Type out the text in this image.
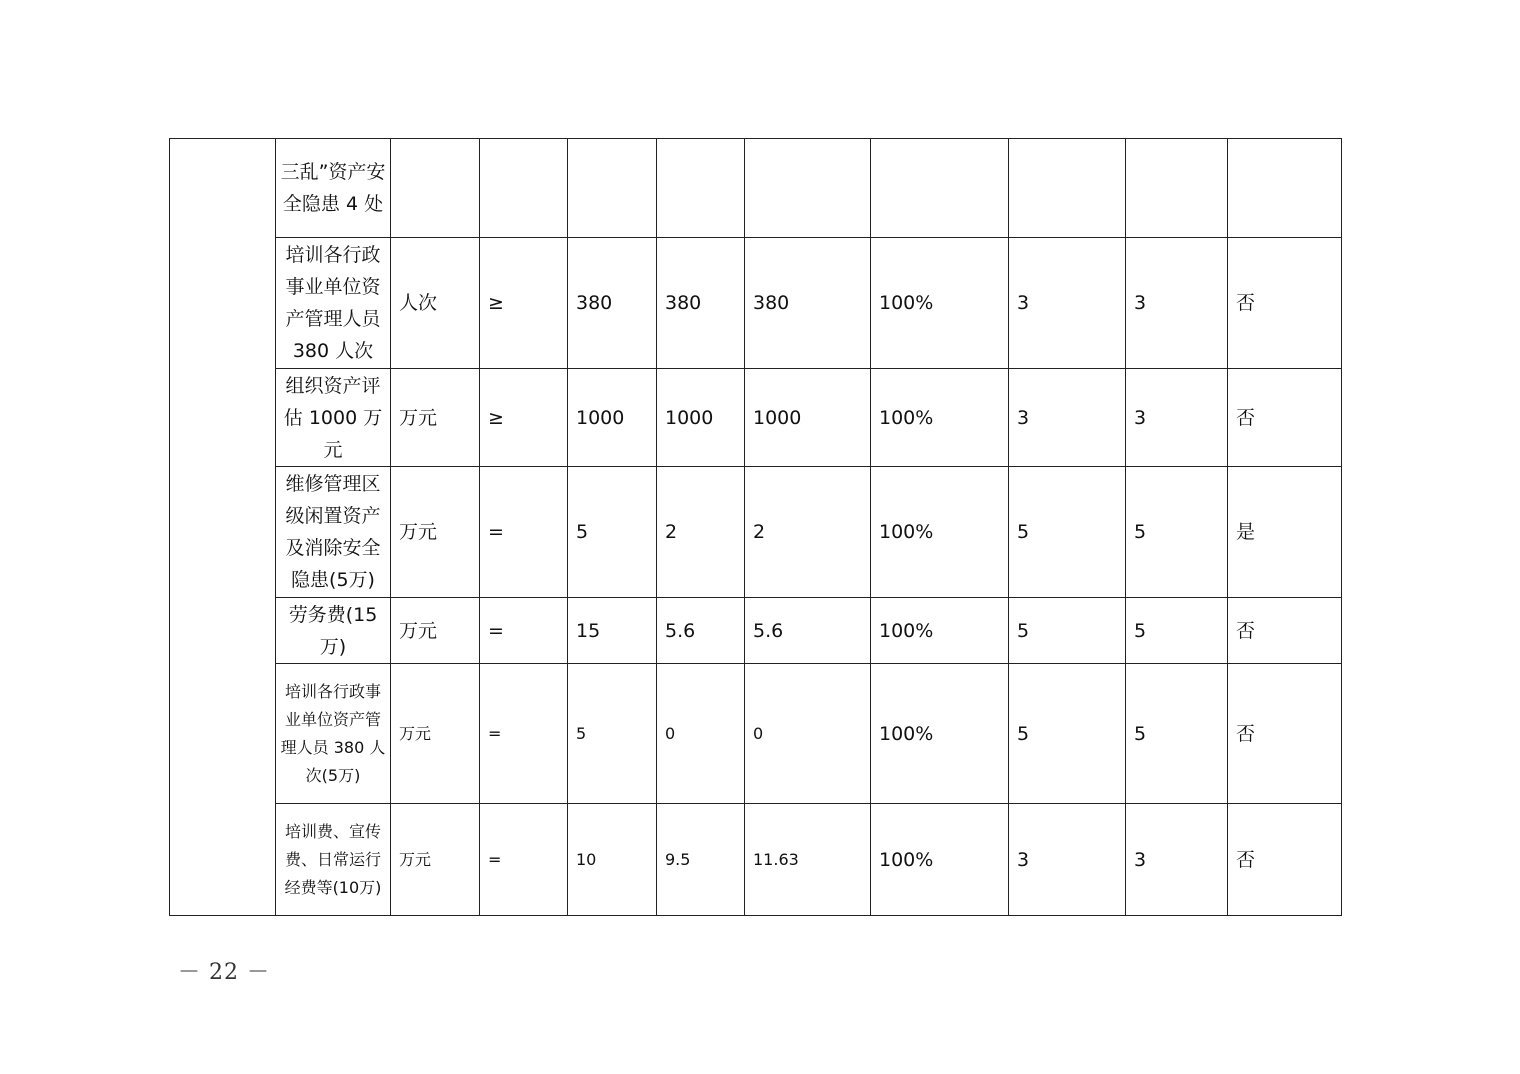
	三乱”资产安全隐患 4 处									
	培训各行政事业单位资产管理人员 380 人次	人次	≥	380	380	380	100%	3	3	否
	组织资产评估 1000 万元	万元	≥	1000	1000	1000	100%	3	3	否
	维修管理区级闲置资产及消除安全隐患(5万)	万元	=	5	2	2	100%	5	5	是
	劳务费(15万)	万元	=	15	5.6	5.6	100%	5	5	否
	培训各行政事业单位资产管理人员 380 人次(5万)	万元	=	5	0	0	100%	5	5	否
	培训费、宣传费、日常运行经费等(10万)	万元	=	10	9.5	11.63	100%	3	3	否
－ 22 －
